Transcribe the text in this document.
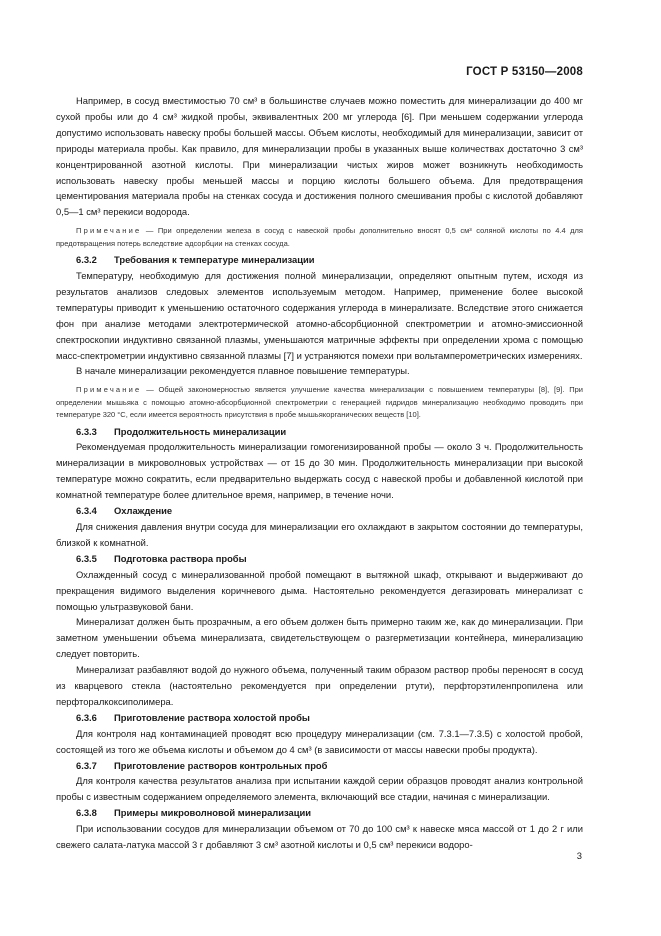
ГОСТ Р 53150—2008

Например, в сосуд вместимостью 70 см³ в большинстве случаев можно поместить для минерализации до 400 мг сухой пробы или до 4 см³ жидкой пробы, эквивалентных 200 мг углерода [6]. При меньшем содержании углерода допустимо использовать навеску пробы большей массы. Объем кислоты, необходимый для минерализации, зависит от природы материала пробы. Как правило, для минерализации пробы в указанных выше количествах достаточно 3 см³ концентрированной азотной кислоты. При минерализации чистых жиров может возникнуть необходимость использовать навеску пробы меньшей массы и порцию кислоты большего объема. Для предотвращения цементирования материала пробы на стенках сосуда и достижения полного смешивания пробы с кислотой добавляют 0,5—1 см³ перекиси водорода.

Примечание — При определении железа в сосуд с навеской пробы дополнительно вносят 0,5 см³ соляной кислоты по 4.4 для предотвращения потерь вследствие адсорбции на стенках сосуда.

6.3.2 Требования к температуре минерализации

Температуру, необходимую для достижения полной минерализации, определяют опытным путем, исходя из результатов анализов следовых элементов используемым методом. Например, применение более высокой температуры приводит к уменьшению остаточного содержания углерода в минерализате. Вследствие этого снижается фон при анализе методами электротермической атомно-абсорбционной спектрометрии и атомно-эмиссионной спектроскопии индуктивно связанной плазмы, уменьшаются матричные эффекты при определении хрома с помощью масс-спектрометрии индуктивно связанной плазмы [7] и устраняются помехи при вольтамперометрических измерениях.

В начале минерализации рекомендуется плавное повышение температуры.

Примечание — Общей закономерностью является улучшение качества минерализации с повышением температуры [8], [9]. При определении мышьяка с помощью атомно-абсорбционной спектрометрии с генерацией гидридов минерализацию необходимо проводить при температуре 320 °С, если имеется вероятность присутствия в пробе мышьякорганических веществ [10].

6.3.3 Продолжительность минерализации

Рекомендуемая продолжительность минерализации гомогенизированной пробы — около 3 ч. Продолжительность минерализации в микроволновых устройствах — от 15 до 30 мин. Продолжительность минерализации при высокой температуре можно сократить, если предварительно выдержать сосуд с навеской пробы и добавленной кислотой при комнатной температуре более длительное время, например, в течение ночи.

6.3.4 Охлаждение

Для снижения давления внутри сосуда для минерализации его охлаждают в закрытом состоянии до температуры, близкой к комнатной.

6.3.5 Подготовка раствора пробы

Охлажденный сосуд с минерализованной пробой помещают в вытяжной шкаф, открывают и выдерживают до прекращения видимого выделения коричневого дыма. Настоятельно рекомендуется дегазировать минерализат с помощью ультразвуковой бани.

Минерализат должен быть прозрачным, а его объем должен быть примерно таким же, как до минерализации. При заметном уменьшении объема минерализата, свидетельствующем о разгерметизации контейнера, минерализацию следует повторить.

Минерализат разбавляют водой до нужного объема, полученный таким образом раствор пробы переносят в сосуд из кварцевого стекла (настоятельно рекомендуется при определении ртути), перфторэтиленпропилена или перфторалкоксиполимера.

6.3.6 Приготовление раствора холостой пробы

Для контроля над контаминацией проводят всю процедуру минерализации (см. 7.3.1—7.3.5) с холостой пробой, состоящей из того же объема кислоты и объемом до 4 см³ (в зависимости от массы навески пробы продукта).

6.3.7 Приготовление растворов контрольных проб

Для контроля качества результатов анализа при испытании каждой серии образцов проводят анализ контрольной пробы с известным содержанием определяемого элемента, включающий все стадии, начиная с минерализации.

6.3.8 Примеры микроволновой минерализации

При использовании сосудов для минерализации объемом от 70 до 100 см³ к навеске мяса массой от 1 до 2 г или свежего салата-латука массой 3 г добавляют 3 см³ азотной кислоты и 0,5 см³ перекиси водоро-

3
